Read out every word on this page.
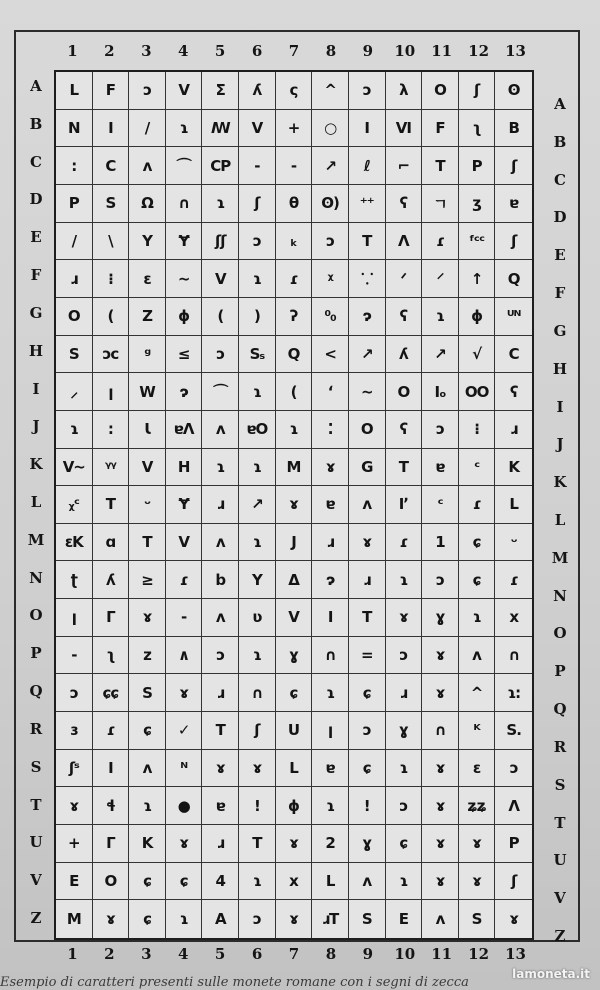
L	F	ɔ	V	Σ	ʎ	ς	^	ɔ	λ	O	ʃ	ʘ
N	I	/	ɿ	ꟿ	V	+	○	I	VI	F	ʅ	B
:	C	ʌ	⌒	CP	-	-	↗	ℓ	⌐	T	P	ʃ
P	S	Ω	∩	ɿ	ʃ	θ	ʘ)	⁺⁺	ʕ	ㄱ	ʒ	ɐ
/	\	Υ	Ɏ	ʃʃ	ɔ	ₖ	ɔ	T	Λ	ɾ	ᶠᶜᶜ	ʃ
ɹ	⁝	ɛ	~	V	ɿ	ɾ	ᵡ	⸪	ᐟ	⸍	↑	Q
O	(	Z	ɸ	(	)	ʔ	⁰₀	ɂ	ʕ	ɿ	ɸ	ᵁᴺ
S	ɔc	ᵍ	≤	ɔ	Sₛ	Q	<	↗	ʎ	↗	√	C
⸝	ꞁ	W	ɂ	⌒	ɿ	(	ʻ	~	O	Iₒ	OO	ʕ
ɿ	:	Ɩ	ɐɅ	ʌ	ɐO	ɿ	⁚	O	ʕ	ɔ	⁝	ɹ
V~	ᵞᵞ	V	H	ɿ	ɿ	M	ɤ	G	T	ɐ	ᶜ	K
ᵪᶜ	T	ᵕ	Ɏ	ɹ	↗	ɤ	ɐ	ʌ	Iʼ	ᶜ	ɾ	L
ɛK	ɑ	T	V	ʌ	ɿ	J	ɹ	ɤ	ɾ	1	ɕ	ᵕ
ʈ	ʎ	≥	ɾ	b	Y	Δ	ɂ	ɹ	ɿ	ɔ	ɕ	ɾ
ꞁ	Γ	ɤ	-	ʌ	ʋ	V	I	T	ɤ	ɣ	ɿ	x
-	ʅ	z	∧	ɔ	ɿ	ɣ	∩	=	ɔ	ɤ	ʌ	∩
ɔ	ɕɕ	S	ɤ	ɹ	∩	ɕ	ɿ	ɕ	ɹ	ɤ	^	ɿ:
ɜ	ɾ	ɕ	✓	T	ʃ	U	ꞁ	ɔ	ɣ	∩	ᴷ	S.
ʃˢ	I	ʌ	ᴺ	ɤ	ɤ	L	ɐ	ɕ	ɿ	ɤ	ɛ	ɔ
ɤ	ɬ	ɿ	●	ɐ	!	ɸ	ɿ	!	ɔ	ɤ	ʑʑ	Λ
+	Γ	K	ɤ	ɹ	T	ɤ	2	ɣ	ɕ	ɤ	ɤ	P
E	O	ɕ	ɕ	4	ɿ	x	L	ʌ	ɿ	ɤ	ɤ	ʃ
M	ɤ	ɕ	ɿ	A	ɔ	ɤ	ɹT	S	E	ʌ	S	ɤ
Esempio di caratteri presenti sulle monete romane con i segni di zecca
lamoneta.it
1
1
2
2
3
3
4
4
5
5
6
6
7
7
8
8
9
9
10
10
11
11
12
12
13
13
A
A
B
B
C
C
D
D
E
E
F
F
G
G
H
H
I
I
J
J
K
K
L
L
M
M
N
N
O
O
P
P
Q
Q
R
R
S
S
T
T
U
U
V
V
Z
Z
